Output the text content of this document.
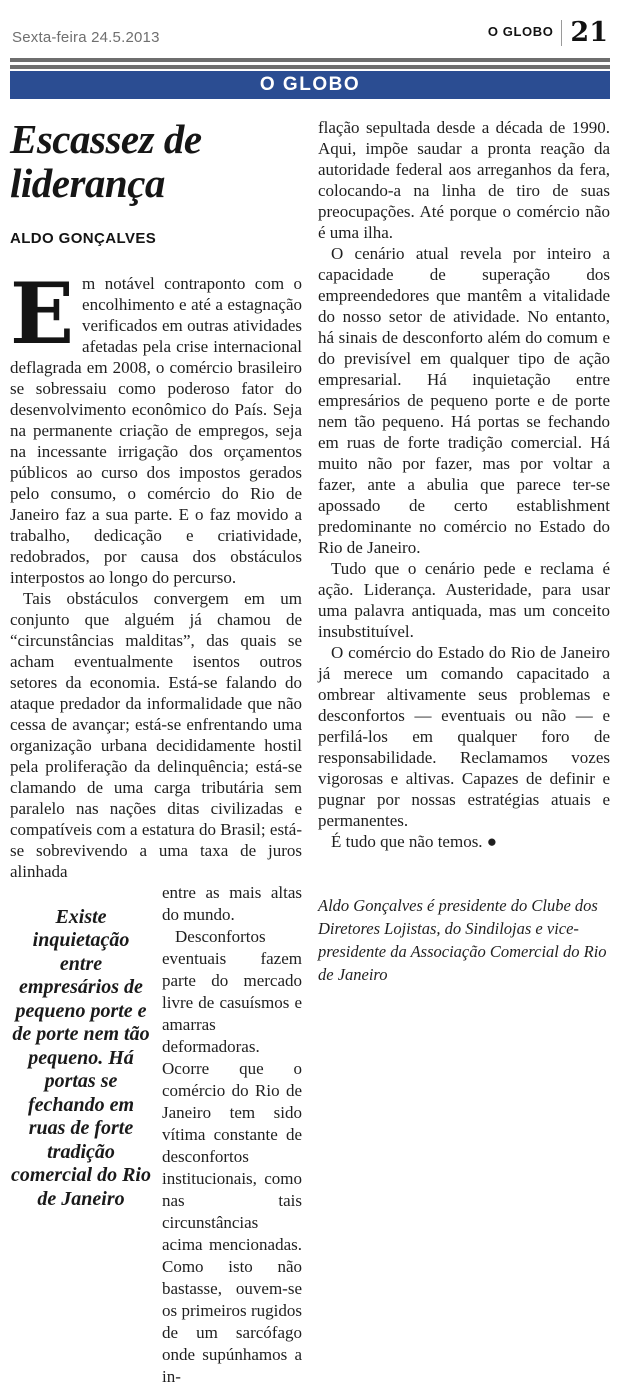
Sexta-feira 24.5.2013	O GLOBO 21
O GLOBO
Escassez de liderança
ALDO GONÇALVES

Em notável contraponto com o encolhimento e até a estagnação verificados em outras atividades afetadas pela crise internacional deflagrada em 2008, o comércio brasileiro se sobressaiu como poderoso fator do desenvolvimento econômico do País. Seja na permanente criação de empregos, seja na incessante irrigação dos orçamentos públicos ao curso dos impostos gerados pelo consumo, o comércio do Rio de Janeiro faz a sua parte. E o faz movido a trabalho, dedicação e criatividade, redobrados, por causa dos obstáculos interpostos ao longo do percurso.

Tais obstáculos convergem em um conjunto que alguém já chamou de “circunstâncias malditas”, das quais se acham eventualmente isentos outros setores da economia. Está-se falando do ataque predador da informalidade que não cessa de avançar; está-se enfrentando uma organização urbana decididamente hostil pela proliferação da delinquência; está-se clamando de uma carga tributária sem paralelo nas nações ditas civilizadas e compatíveis com a estatura do Brasil; está-se sobrevivendo a uma taxa de juros alinhada

Existe inquietação entre empresários de pequeno porte e de porte nem tão pequeno. Há portas se fechando em ruas de forte tradição comercial do Rio de Janeiro

entre as mais altas do mundo.

Desconfortos eventuais fazem parte do mercado livre de casuísmos e amarras deformadoras. Ocorre que o comércio do Rio de Janeiro tem sido vítima constante de desconfortos institucionais, como nas tais circunstâncias acima mencionadas. Como isto não bastasse, ouvem-se os primeiros rugidos de um sarcófago onde supúnhamos a in-

flação sepultada desde a década de 1990. Aqui, impõe saudar a pronta reação da autoridade federal aos arreganhos da fera, colocando-a na linha de tiro de suas preocupações. Até porque o comércio não é uma ilha.

O cenário atual revela por inteiro a capacidade de superação dos empreendedores que mantêm a vitalidade do nosso setor de atividade. No entanto, há sinais de desconforto além do comum e do previsível em qualquer tipo de ação empresarial. Há inquietação entre empresários de pequeno porte e de porte nem tão pequeno. Há portas se fechando em ruas de forte tradição comercial. Há muito não por fazer, mas por voltar a fazer, ante a abulia que parece ter-se apossado de certo establishment predominante no comércio no Estado do Rio de Janeiro.

Tudo que o cenário pede e reclama é ação. Liderança. Austeridade, para usar uma palavra antiquada, mas um conceito insubstituível.

O comércio do Estado do Rio de Janeiro já merece um comando capacitado a ombrear altivamente seus problemas e desconfortos — eventuais ou não — e perfilá-los em qualquer foro de responsabilidade. Reclamamos vozes vigorosas e altivas. Capazes de definir e pugnar por nossas estratégias atuais e permanentes.

É tudo que não temos. ●

Aldo Gonçalves é presidente do Clube dos Diretores Lojistas, do Sindilojas e vice-presidente da Associação Comercial do Rio de Janeiro
